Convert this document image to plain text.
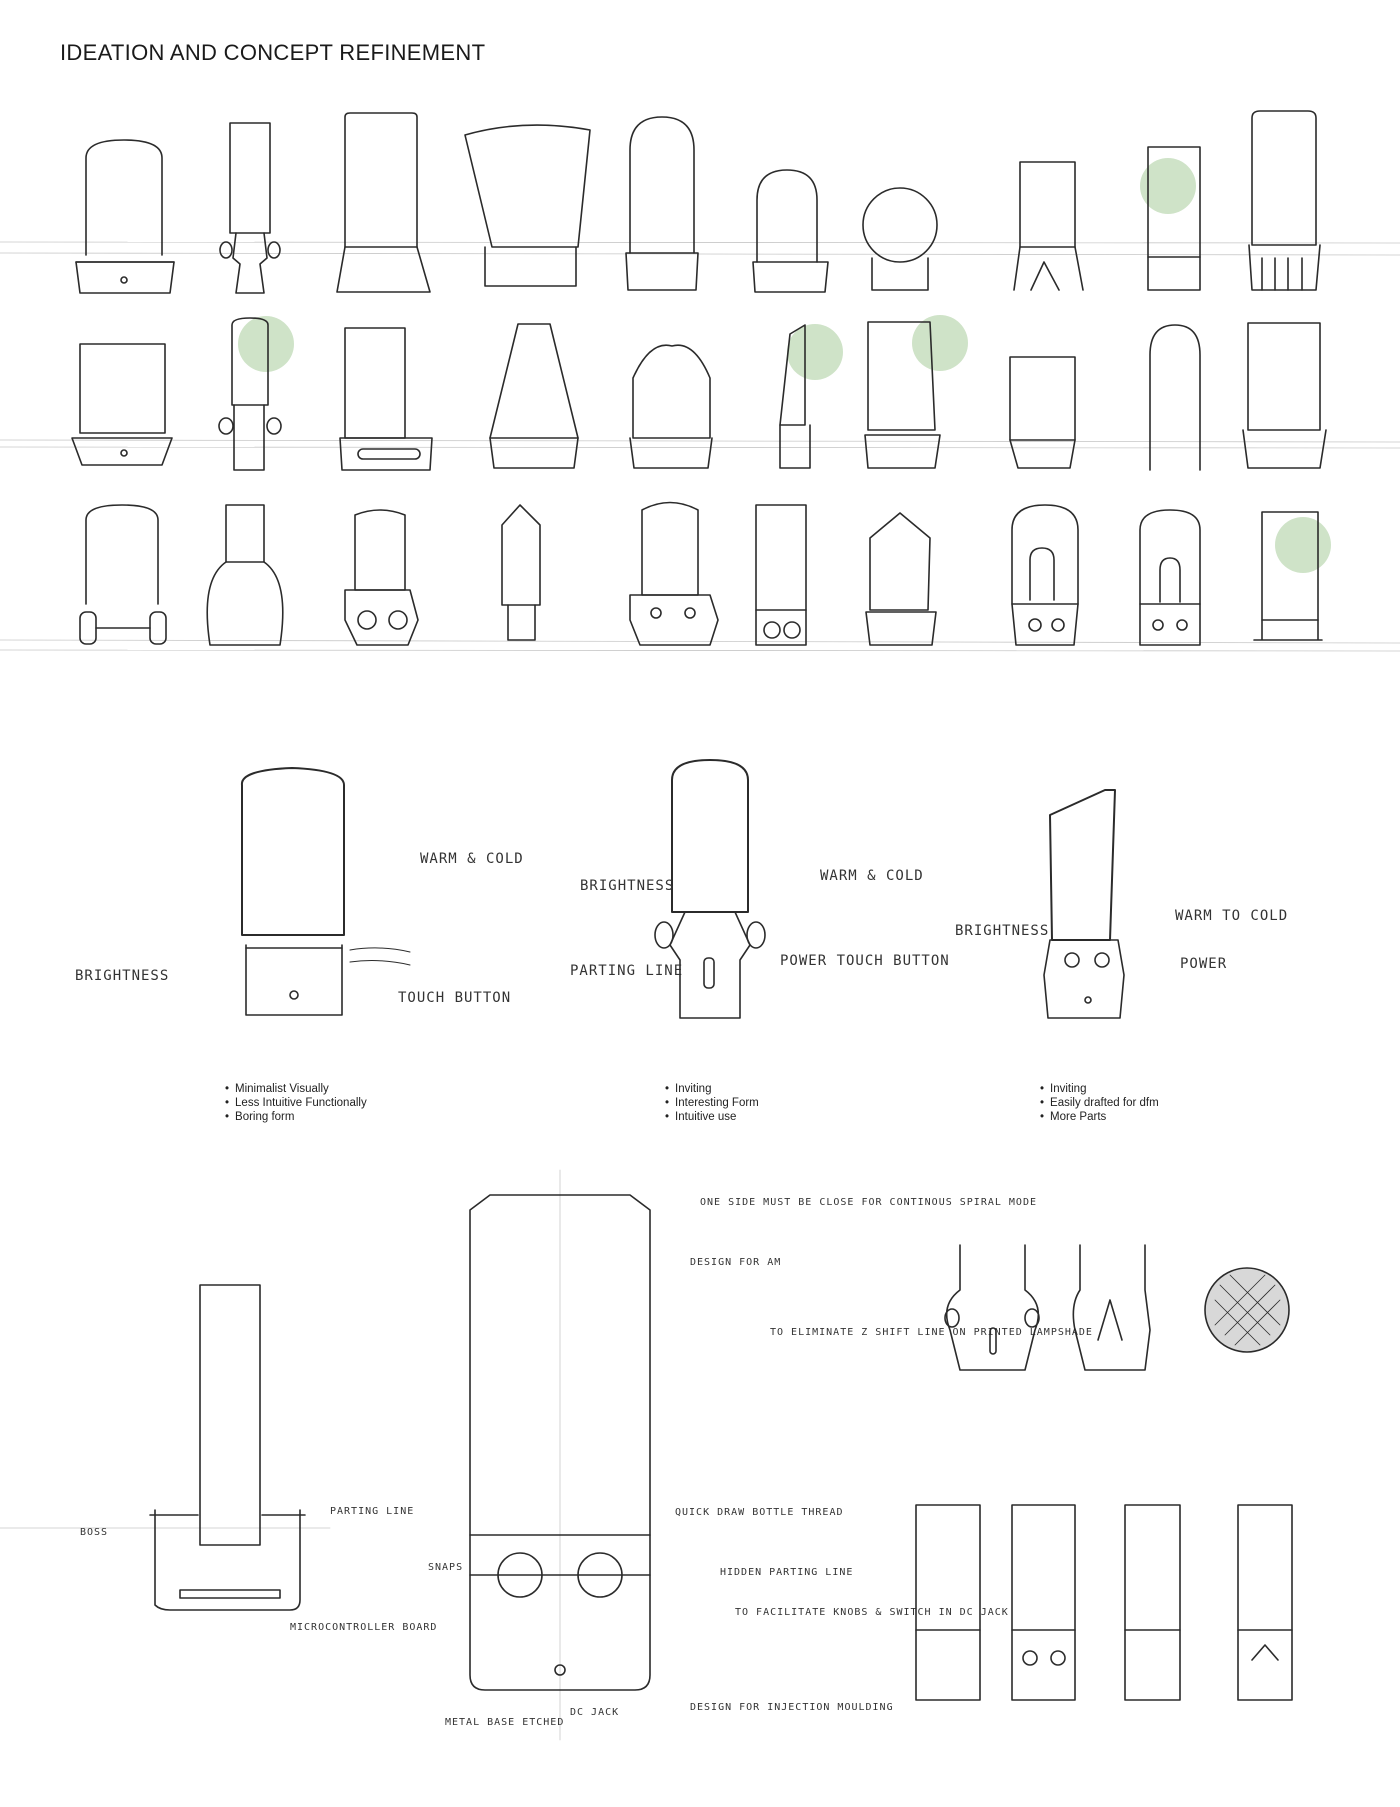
IDEATION AND CONCEPT REFINEMENT
WARM & COLD
BRIGHTNESS
TOUCH BUTTON
BRIGHTNESS
WARM & COLD
PARTING LINE
POWER TOUCH BUTTON
BRIGHTNESS
WARM TO COLD
POWER
PARTING LINE
BOSS
MICROCONTROLLER BOARD
ONE SIDE MUST BE CLOSE FOR CONTINOUS SPIRAL MODE
DESIGN FOR AM
TO ELIMINATE Z SHIFT LINE ON PRINTED LAMPSHADE
QUICK DRAW BOTTLE THREAD
SNAPS	HIDDEN PARTING LINE
TO FACILITATE KNOBS & SWITCH IN DC JACK
METAL BASE ETCHED
DC JACK	DESIGN FOR INJECTION MOULDING
• Minimalist Visually
• Less Intuitive Functionally
• Boring form
• Inviting
• Interesting Form
• Intuitive use
• Inviting
• Easily drafted for dfm
• More Parts
